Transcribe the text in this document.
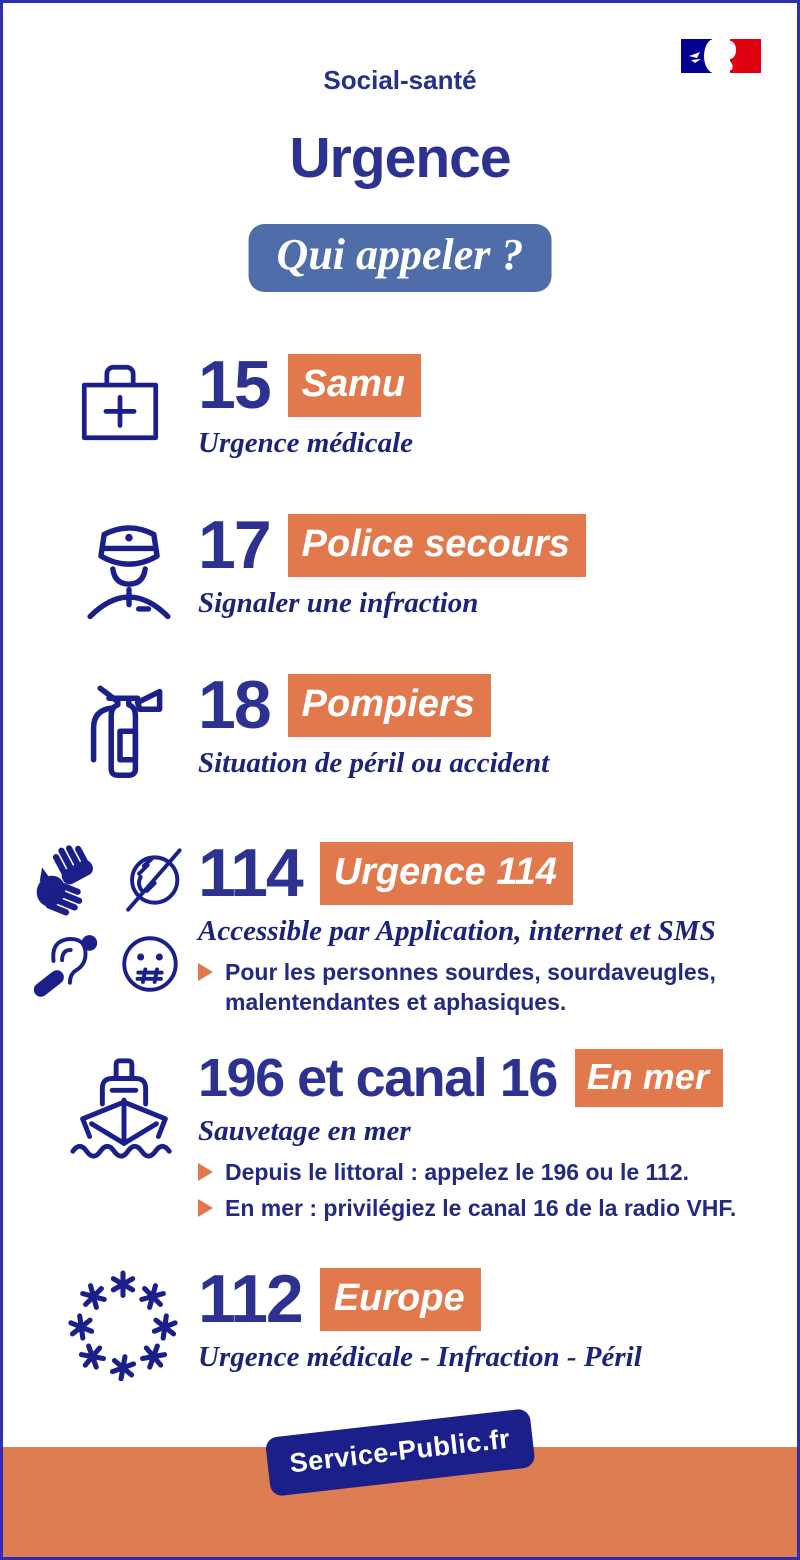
Social-santé
Urgence
Qui appeler ?
15 Samu
Urgence médicale
17 Police secours
Signaler une infraction
18 Pompiers
Situation de péril ou accident
114 Urgence 114
Accessible par Application, internet et SMS
Pour les personnes sourdes, sourdaveugles, malentendantes et aphasiques.
196 et canal 16 En mer
Sauvetage en mer
Depuis le littoral : appelez le 196 ou le 112.
En mer : privilégiez le canal 16 de la radio VHF.
112 Europe
Urgence médicale - Infraction - Péril
Service-Public.fr
